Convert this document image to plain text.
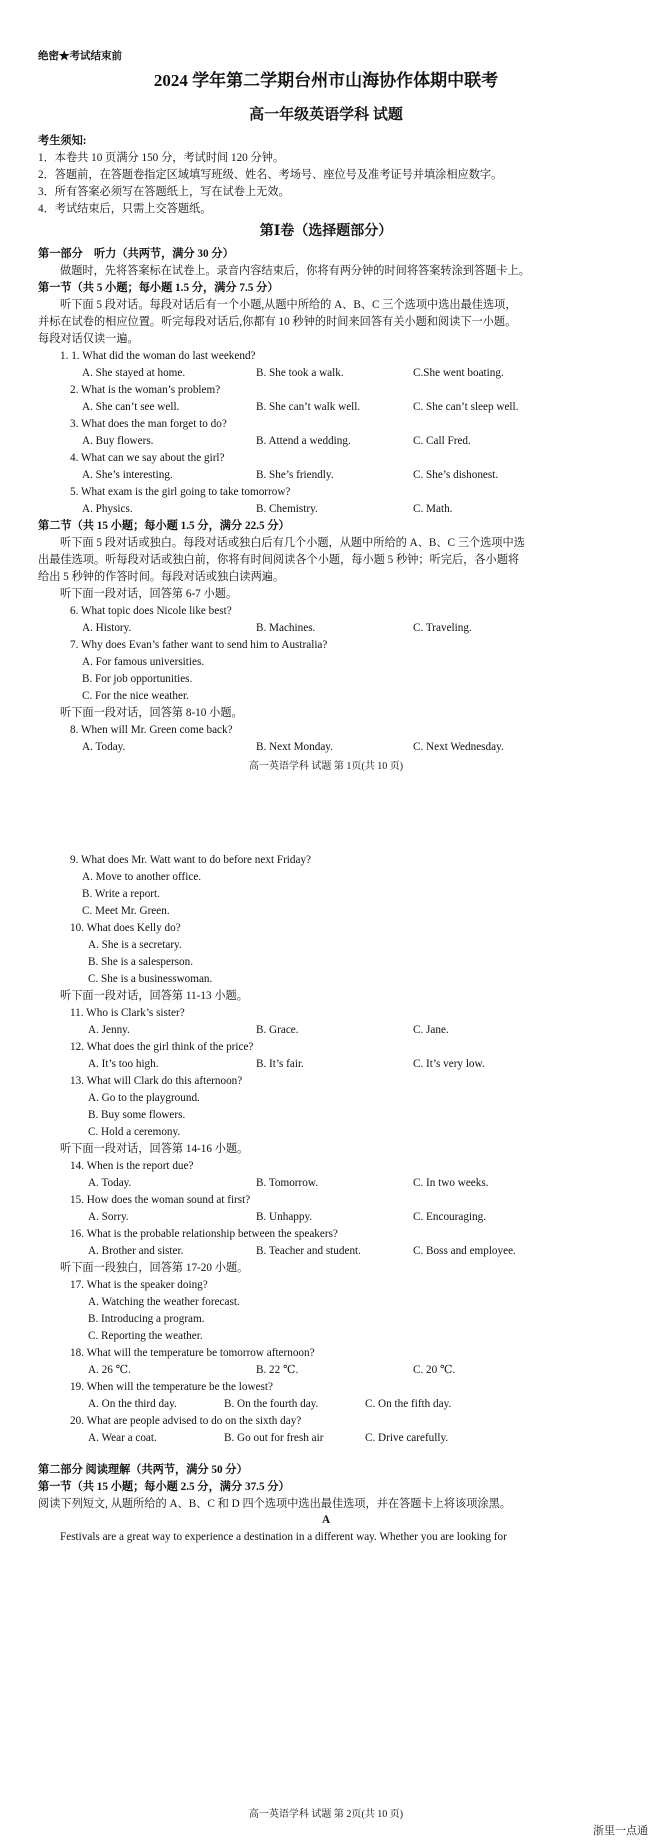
绝密★考试结束前
2024 学年第二学期台州市山海协作体期中联考
高一年级英语学科 试题
考生须知:
1．本卷共 10 页满分 150 分，考试时间 120 分钟。
2．答题前，在答题卷指定区域填写班级、姓名、考场号、座位号及准考证号并填涂相应数字。
3．所有答案必须写在答题纸上，写在试卷上无效。
4．考试结束后，只需上交答题纸。
第Ⅰ卷（选择题部分）
第一部分　听力（共两节，满分 30 分）
做题时，先将答案标在试卷上。录音内容结束后，你将有两分钟的时间将答案转涂到答题卡上。
第一节（共 5 小题；每小题 1.5 分，满分 7.5 分）
听下面 5 段对话。每段对话后有一个小题,从题中所给的 A、B、C 三个选项中选出最佳选项，
并标在试卷的相应位置。听完每段对话后,你都有 10 秒钟的时间来回答有关小题和阅读下一小题。
每段对话仅读一遍。
1. 1. What did the woman do last weekend?
A. She stayed at home.	B. She took a walk.	C.She went boating.
2. What is the woman’s problem?
A. She can’t see well.	B. She can’t walk well.	C. She can’t sleep well.
3. What does the man forget to do?
A. Buy flowers.	B. Attend a wedding.	C. Call Fred.
4. What can we say about the girl?
A. She’s interesting.	B. She’s friendly.	C. She’s dishonest.
5. What exam is the girl going to take tomorrow?
A. Physics.	B. Chemistry.	C. Math.
第二节（共 15 小题；每小题 1.5 分，满分 22.5 分）
听下面 5 段对话或独白。每段对话或独白后有几个小题，从题中所给的 A、B、C 三个选项中选
出最佳选项。听每段对话或独白前，你将有时间阅读各个小题，每小题 5 秒钟；听完后，各小题将
给出 5 秒钟的作答时间。每段对话或独白读两遍。
听下面一段对话，回答第 6-7 小题。
6. What topic does Nicole like best?
A. History.	B. Machines.	C. Traveling.
7. Why does Evan’s father want to send him to Australia?
A. For famous universities.
B. For job opportunities.
C. For the nice weather.
听下面一段对话，回答第 8-10 小题。
8. When will Mr. Green come back?
A. Today.	B. Next Monday.	C. Next Wednesday.
高一英语学科 试题 第 1页(共 10 页)
9. What does Mr. Watt want to do before next Friday?
A. Move to another office.
B. Write a report.
C. Meet Mr. Green.
10. What does Kelly do?
A. She is a secretary.
B. She is a salesperson.
C. She is a businesswoman.
听下面一段对话，回答第 11-13 小题。
11. Who is Clark’s sister?
A. Jenny.	B. Grace.	C. Jane.
12. What does the girl think of the price?
A. It’s too high.	B. It’s fair.	C. It’s very low.
13. What will Clark do this afternoon?
A. Go to the playground.
B. Buy some flowers.
C. Hold a ceremony.
听下面一段对话，回答第 14-16 小题。
14. When is the report due?
A. Today.	B. Tomorrow.	C. In two weeks.
15. How does the woman sound at first?
A. Sorry.	B. Unhappy.	C. Encouraging.
16. What is the probable relationship between the speakers?
A. Brother and sister.	B. Teacher and student.	C. Boss and employee.
听下面一段独白，回答第 17-20 小题。
17. What is the speaker doing?
A. Watching the weather forecast.
B. Introducing a program.
C. Reporting the weather.
18. What will the temperature be tomorrow afternoon?
A. 26 ℃.	B. 22 ℃.	C. 20 ℃.
19. When will the temperature be the lowest?
A. On the third day.	B. On the fourth day.	C. On the fifth day.
20. What are people advised to do on the sixth day?
A. Wear a coat.	B. Go out for fresh air	C. Drive carefully.
第二部分 阅读理解（共两节，满分 50 分）
第一节（共 15 小题；每小题 2.5 分，满分 37.5 分）
阅读下列短文, 从题所给的 A、B、C 和 D 四个选项中选出最佳选项，并在答题卡上将该项涂黑。
A
Festivals are a great way to experience a destination in a different way. Whether you are looking for
高一英语学科 试题 第 2页(共 10 页)
浙里一点通
